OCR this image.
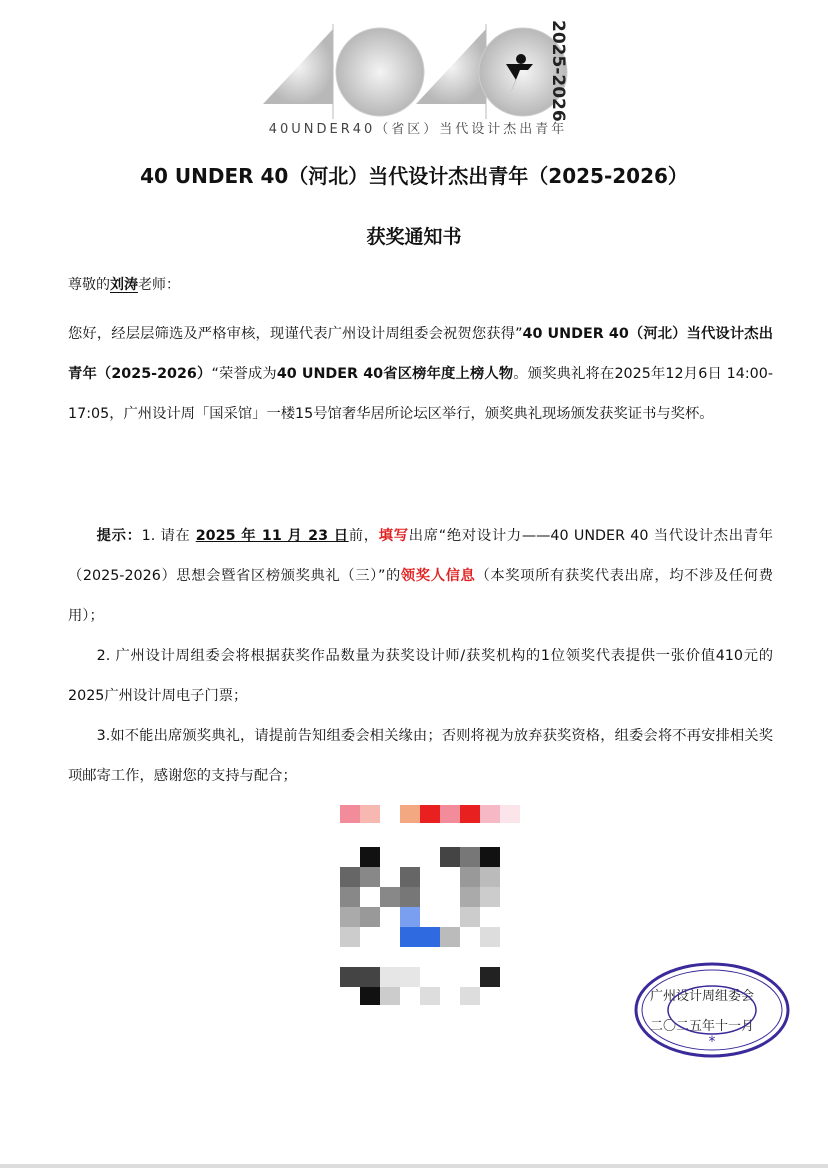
2025-2026
40UNDER40（省区）当代设计杰出青年
40 UNDER 40（河北）当代设计杰出青年（2025-2026）
获奖通知书
尊敬的刘涛老师：
您好，经层层筛选及严格审核，现谨代表广州设计周组委会祝贺您获得”40 UNDER 40（河北）当代设计杰出青年（2025-2026）“荣誉成为40 UNDER 40省区榜年度上榜人物。颁奖典礼将在2025年12月6日 14:00-17:05，广州设计周「国采馆」一楼15号馆奢华居所论坛区举行，颁奖典礼现场颁发获奖证书与奖杯。
提示：1. 请在 2025 年 11 月 23 日前，填写出席“绝对设计力——40 UNDER 40 当代设计杰出青年（2025-2026）思想会暨省区榜颁奖典礼（三）”的领奖人信息（本奖项所有获奖代表出席，均不涉及任何费用）；
2. 广州设计周组委会将根据获奖作品数量为获奖设计师/获奖机构的1位领奖代表提供一张价值410元的2025广州设计周电子门票；
3.如不能出席颁奖典礼，请提前告知组委会相关缘由；否则将视为放弃获奖资格，组委会将不再安排相关奖项邮寄工作，感谢您的支持与配合；
广州设计周组委会
二〇二五年十一月
*
